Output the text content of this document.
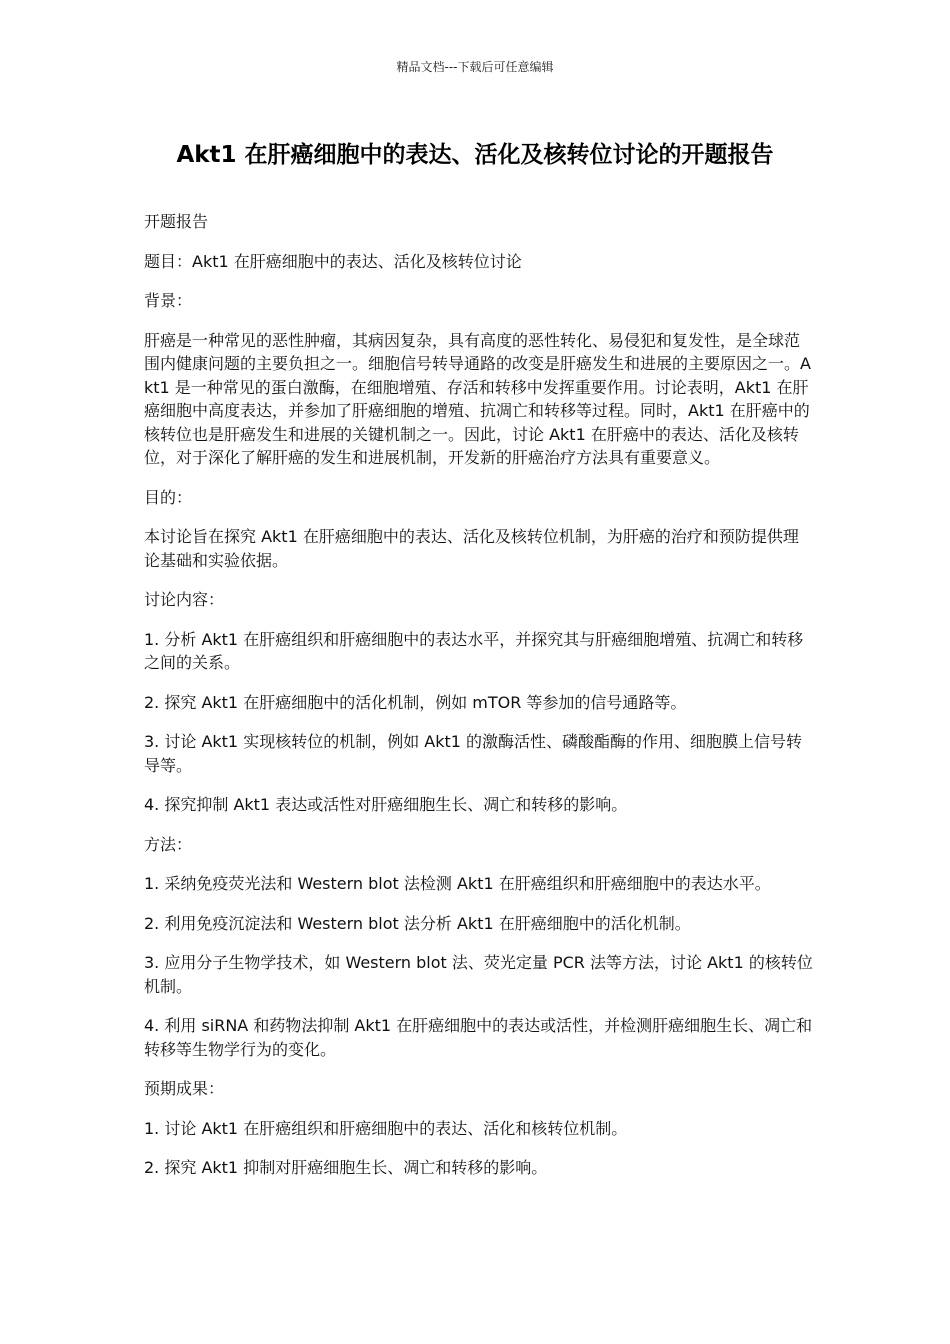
精品文档---下载后可任意编辑
Akt1 在肝癌细胞中的表达、活化及核转位讨论的开题报告

开题报告

题目：Akt1 在肝癌细胞中的表达、活化及核转位讨论

背景：

肝癌是一种常见的恶性肿瘤，其病因复杂，具有高度的恶性转化、易侵犯和复发性，是全球范围内健康问题的主要负担之一。细胞信号转导通路的改变是肝癌发生和进展的主要原因之一。Akt1 是一种常见的蛋白激酶，在细胞增殖、存活和转移中发挥重要作用。讨论表明，Akt1 在肝癌细胞中高度表达，并参加了肝癌细胞的增殖、抗凋亡和转移等过程。同时，Akt1 在肝癌中的核转位也是肝癌发生和进展的关键机制之一。因此，讨论 Akt1 在肝癌中的表达、活化及核转位，对于深化了解肝癌的发生和进展机制，开发新的肝癌治疗方法具有重要意义。

目的：

本讨论旨在探究 Akt1 在肝癌细胞中的表达、活化及核转位机制，为肝癌的治疗和预防提供理论基础和实验依据。

讨论内容：

1. 分析 Akt1 在肝癌组织和肝癌细胞中的表达水平，并探究其与肝癌细胞增殖、抗凋亡和转移之间的关系。

2. 探究 Akt1 在肝癌细胞中的活化机制，例如 mTOR 等参加的信号通路等。

3. 讨论 Akt1 实现核转位的机制，例如 Akt1 的激酶活性、磷酸酯酶的作用、细胞膜上信号转导等。

4. 探究抑制 Akt1 表达或活性对肝癌细胞生长、凋亡和转移的影响。

方法：

1. 采纳免疫荧光法和 Western blot 法检测 Akt1 在肝癌组织和肝癌细胞中的表达水平。

2. 利用免疫沉淀法和 Western blot 法分析 Akt1 在肝癌细胞中的活化机制。

3. 应用分子生物学技术，如 Western blot 法、荧光定量 PCR 法等方法，讨论 Akt1 的核转位机制。

4. 利用 siRNA 和药物法抑制 Akt1 在肝癌细胞中的表达或活性，并检测肝癌细胞生长、凋亡和转移等生物学行为的变化。

预期成果：

1. 讨论 Akt1 在肝癌组织和肝癌细胞中的表达、活化和核转位机制。

2. 探究 Akt1 抑制对肝癌细胞生长、凋亡和转移的影响。
